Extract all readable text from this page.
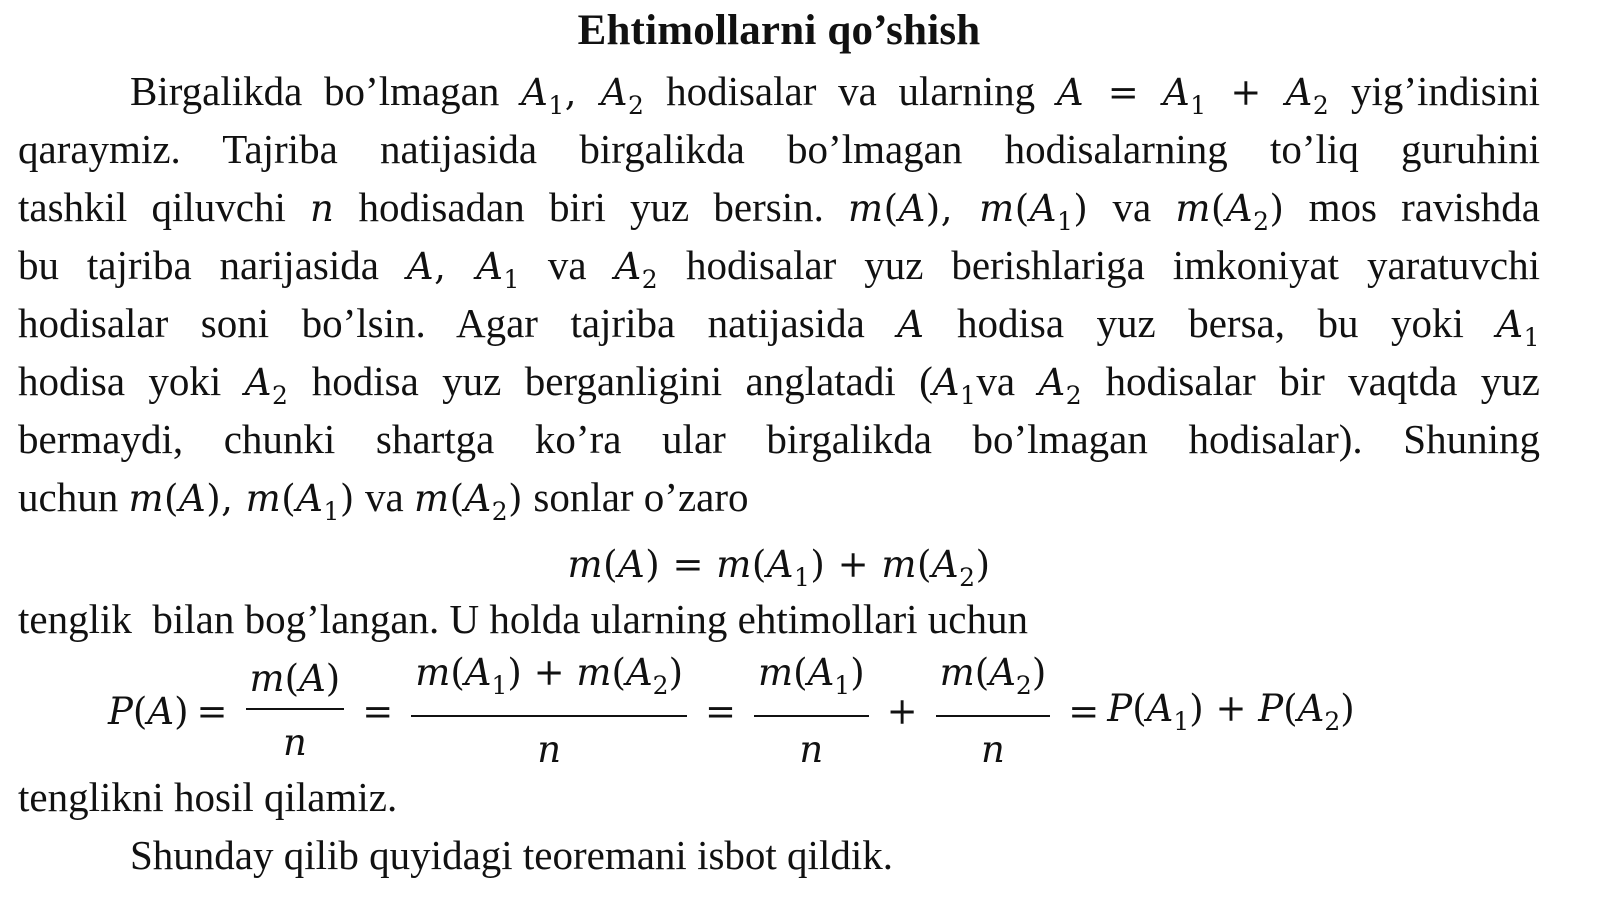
Ehtimollarni qo’shish
Birgalikda bo’lmagan $A_1$, $A_2$ hodisalar va ularning $A = A_1 + A_2$ yig’indisini
qaraymiz. Tajriba natijasida birgalikda bo’lmagan hodisalarning to’liq guruhini
tashkil qiluvchi n hodisadan biri yuz bersin. m(A), $m(A_1)$ va $m(A_2)$ mos ravishda
bu tajriba narijasida A, $A_1$ va $A_2$ hodisalar yuz berishlariga imkoniyat yaratuvchi
hodisalar soni bo’lsin. Agar tajriba natijasida A hodisa yuz bersa, bu yoki $A_1$
hodisa yoki $A_2$ hodisa yuz berganligini anglatadi ($A_1va$ $A_2$ hodisalar bir vaqtda yuz
bermaydi, chunki shartga ko’ra ular birgalikda bo’lmagan hodisalar). Shuning
uchun m(A), $m(A_1)$ va $m(A_2)$ sonlar o’zaro
$m(A) = m(A_1) + m(A_2)$
tenglik  bilan bog’langan. U holda ularning ehtimollari uchun
$P(A) = \frac{m(A)}{n} = \frac{m(A_1) + m(A_2)}{n} = \frac{m(A_1)}{n} + \frac{m(A_2)}{n} = P(A_1) + P(A_2)$
tenglikni hosil qilamiz.
Shunday qilib quyidagi teoremani isbot qildik.
